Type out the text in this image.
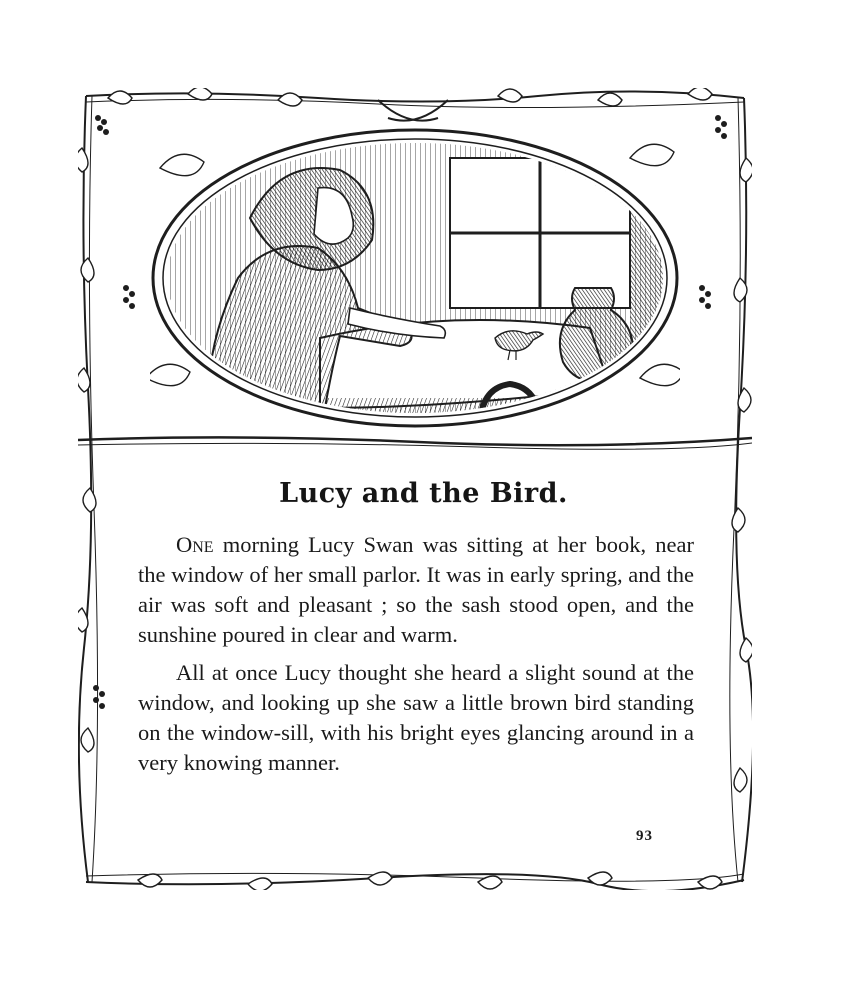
Lucy and the Bird.

One morning Lucy Swan was sitting at her book, near the window of her small parlor. It was in early spring, and the air was soft and pleasant ; so the sash stood open, and the sunshine poured in clear and warm.

All at once Lucy thought she heard a slight sound at the window, and looking up she saw a little brown bird standing on the window-sill, with his bright eyes glancing around in a very knowing manner.

93
